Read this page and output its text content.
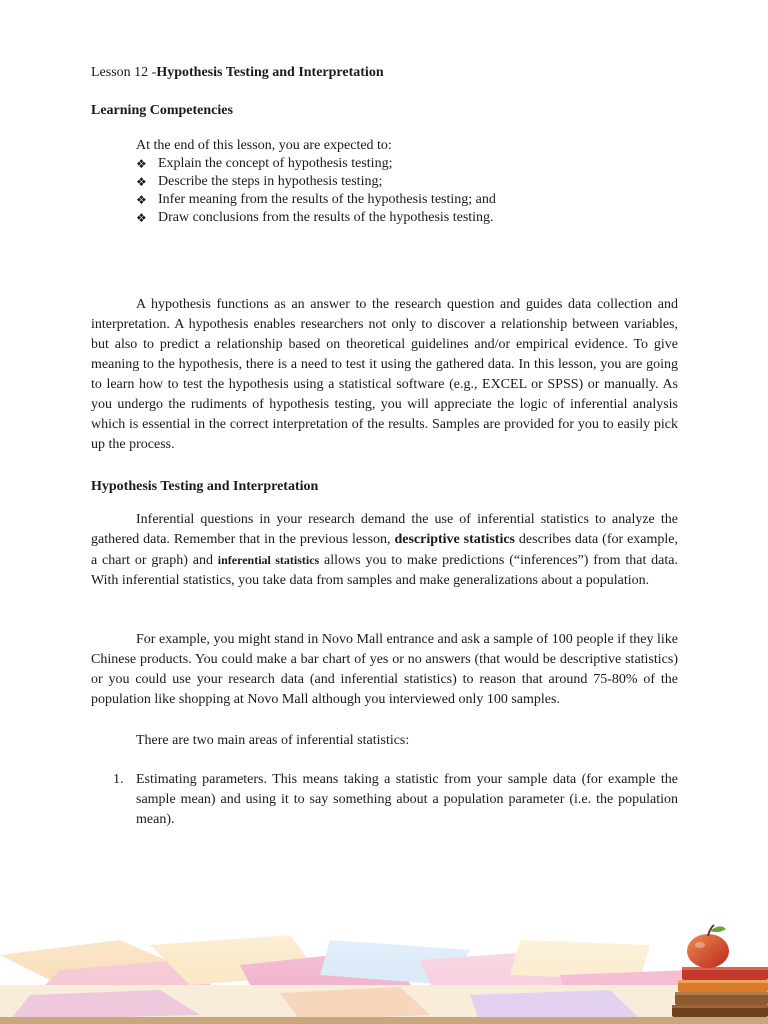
Lesson 12 -Hypothesis Testing and Interpretation
Learning Competencies
At the end of this lesson, you are expected to:
❖ Explain the concept of hypothesis testing;
❖ Describe the steps in hypothesis testing;
❖ Infer meaning from the results of the hypothesis testing; and
❖ Draw conclusions from the results of the hypothesis testing.

A hypothesis functions as an answer to the research question and guides data collection and interpretation. A hypothesis enables researchers not only to discover a relationship between variables, but also to predict a relationship based on theoretical guidelines and/or empirical evidence. To give meaning to the hypothesis, there is a need to test it using the gathered data. In this lesson, you are going to learn how to test the hypothesis using a statistical software (e.g., EXCEL or SPSS) or manually. As you undergo the rudiments of hypothesis testing, you will appreciate the logic of inferential analysis which is essential in the correct interpretation of the results. Samples are provided for you to easily pick up the process.

Hypothesis Testing and Interpretation

Inferential questions in your research demand the use of inferential statistics to analyze the gathered data. Remember that in the previous lesson, descriptive statistics describes data (for example, a chart or graph) and inferential statistics allows you to make predictions (“inferences”) from that data. With inferential statistics, you take data from samples and make generalizations about a population.

For example, you might stand in Novo Mall entrance and ask a sample of 100 people if they like Chinese products. You could make a bar chart of yes or no answers (that would be descriptive statistics) or you could use your research data (and inferential statistics) to reason that around 75-80% of the population like shopping at Novo Mall although you interviewed only 100 samples.

There are two main areas of inferential statistics:

1. Estimating parameters. This means taking a statistic from your sample data (for example the sample mean) and using it to say something about a population parameter (i.e. the population mean).
